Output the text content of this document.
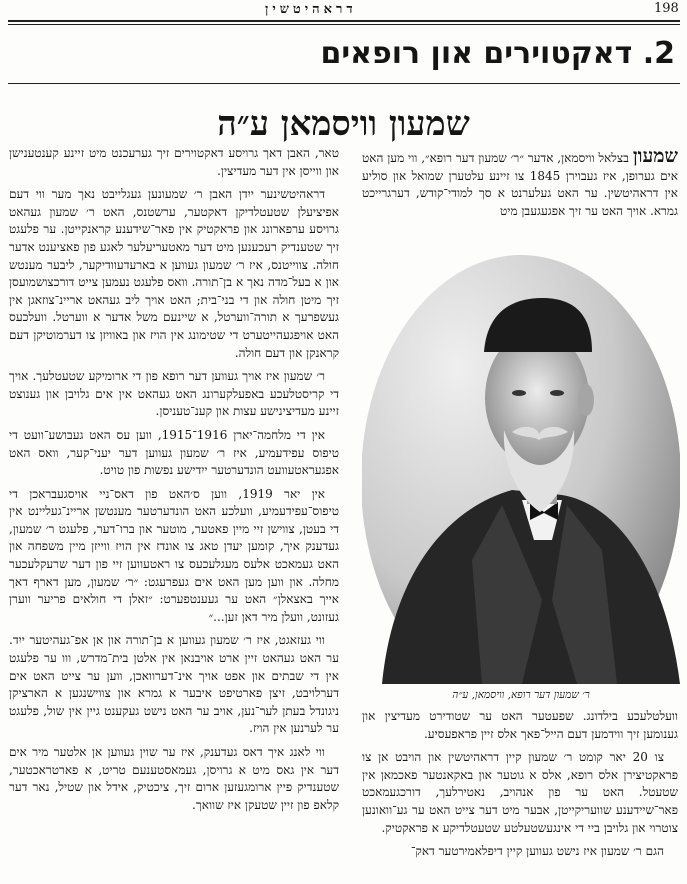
דראהיטשין	198
2. דאקטוירים און רופאים
שמעון וויסמאן ע״ה

שמעון בצלאל וויסמאן, אדער ״ר׳ שמעון דער רופא״, ווי מען האט אים גערופן, איז געבוירן 1845 צו זיינע עלטערן שמואל און סוליע אין דראהיטשין. ער האט געלערנט א סך למודי־קודש, דערגרייכט גמרא. אויך האט ער זיך אפגעגעבן מיט

ר׳ שמעון דער רופא, וויסמאן, ע״ה

וועלטלעכע בילדונג. שפעטער האט ער שטודירט מעדיצין און גענומען זיך ווידמען דעם הייל־פאך אלס זיין פראפעסיע.

צו 20 יאר קומט ר׳ שמעון קיין דראהיטשין און הויבט אן צו פראקטיצירן אלס רופא, אלס א גוטער און באקאנטער פאכמאן אין שטעטל. האט ער פון אנהויב, נאטירלעך, דורכגעמאכט פאר־שיידענע שוועריקייטן, אבער מיט דער צייט האט ער גע־וואונען צוטרוי און גלויבן ביי די אינגעשטעלטע שטעטלדיקע א פראקטיק.

הגם ר׳ שמעון איז נישט געווען קיין דיפלאמירטער דאק־

טאר, האבן דאך גרויסע דאקטוירים זיך גערעכנט מיט זיינע קענטענישן און ווייסן אין דער מעדיצין.

דראהיטשינער ייִדן האבן ר׳ שמעונען געגלייבט נאך מער ווי דעם אפיציעלן שטעטלדיקן דאקטער, ערשטנס, האט ר׳ שמעון געהאט גרויסע ערפארונג און פראקטיק אין פאר־שידענע קראנקייטן. ער פלעגט זיך שטענדיק רעכענען מיט דער מאטעריעלער לאגע פון פאציענט אדער חולה. צווייטנס, איז ר׳ שמעון געווען א בארעדעוודיקער, ליבער מענטש און א בעל־מדה נאך א בן־תורה. וואס פלעגט נעמען צייט דורכצושמועסן זיך מיטן חולה און די בני־בית; האט אויך ליב געהאט אריינ־צוזאגן אין געשפרעך א תורה־ווערטל, א שיינעם משל אדער א ווערטל. וועלכעס האט אויפגעהייטערט די שטימונג אין הויז און באוויזן צו דערמוטיקן דעם קראנקן און דעם חולה.

ר׳ שמעון איז אויך געווען דער רופא פון די ארומיקע שטעטלעך. אויך די קריסטלעכע באפעלקערונג האט געהאט אין אים גלויבן און גענוצט זיינע מעדיצינישע עצות און קענ־טעניסן.

אין די מלחמה־יארן 1916־1915, ווען עס האט געבושע־וועט די טיפוס עפידעמיע, איז ר׳ שמעון געווען דער יעני־קער, וואס האט אפגעראטעוועט הונדערטער ייִדישע נפשות פון טויט.

אין יאר 1919, ווען ס׳האט פון דאס־ניי אויסגעבראכן די טיפוס־עפידעמיע, וועלכע האט הונדערטער מענטשן אריינ־געליינט אין די בעטן, צווישן זיי מיין פאטער, מוטער און ברו־דער, פלעגט ר׳ שמעון, געדענק איך, קומען יעדן טאג צו אונדז אין הויז ווייזן מיין משפחה און האט געמאכט אלעס מעגלעכעס צו ראטעווען זיי פון דער שרעקלעכער מחלה. און ווען מען האט אים געפרעגט: ״ר׳ שמעון, מען דארף דאך אייך באצאלן״ האט ער געענטפערט: ״זאלן די חולאים פריער ווערן געזונט, וועלן מיר דאן זען...״

ווי געזאגט, איז ר׳ שמעון געווען א בן־תורה און אן אפ־געהיטער ייִד. ער האט געהאט זיין ארט אויבנאן אין אלטן בית־מדרש, ווו ער פלעגט אין די שבתים און אפט אויך אינ־דערוואכן, ווען ער צייט האט אים דערלויבט, זיצן פארטיפט איבער א גמרא און צווישנגען א הארציקן ניגונדל בעתן לער־נען, אויב ער האט נישט געקענט גיין אין שול, פלעגט ער לערנען אין הויז.

ווי לאנג איך דאס געדענק, איז ער שוין געווען אן אלטער מיר אים דער אין גאס מיט א גרויסן, געמאסטענעם טריט, א פארטראכטער, שטענדיק פיין ארומגעזען ארום זיך, ציכטיק, אידל און שטיל, נאר דער קלאפ פון זיין שטעקן איז שוואך.
